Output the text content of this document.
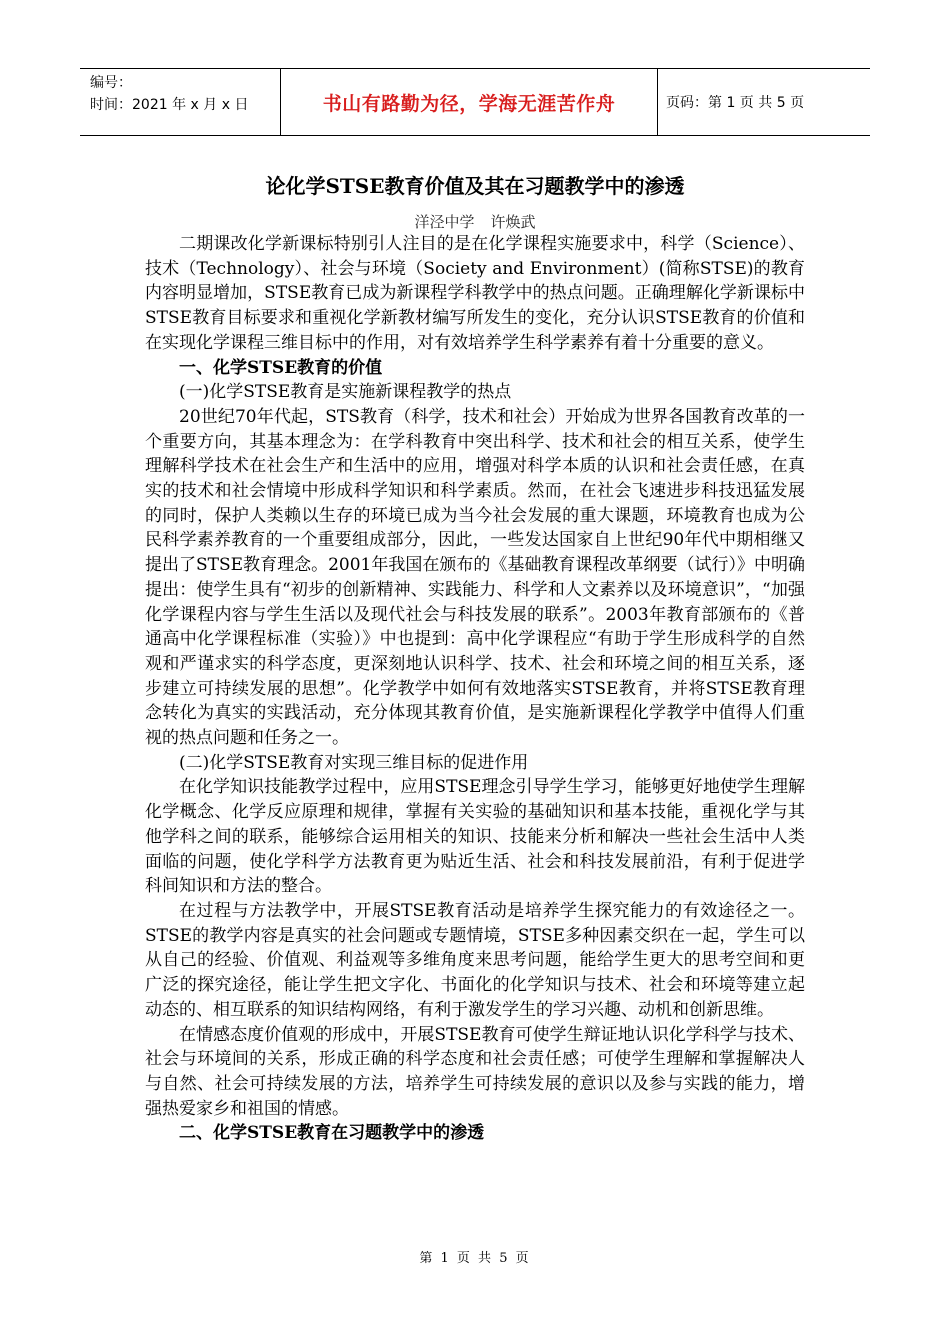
编号：
时间：2021 年 x 月 x 日	书山有路勤为径，学海无涯苦作舟	页码：第 1 页 共 5 页
论化学STSE教育价值及其在习题教学中的渗透
洋泾中学 许焕武

二期课改化学新课标特别引人注目的是在化学课程实施要求中，科学（Science）、技术（Technology）、社会与环境（Society and Environment）(简称STSE)的教育内容明显增加，STSE教育已成为新课程学科教学中的热点问题。正确理解化学新课标中STSE教育目标要求和重视化学新教材编写所发生的变化，充分认识STSE教育的价值和在实现化学课程三维目标中的作用，对有效培养学生科学素养有着十分重要的意义。

一、化学STSE教育的价值

(一)化学STSE教育是实施新课程教学的热点

20世纪70年代起，STS教育（科学，技术和社会）开始成为世界各国教育改革的一个重要方向，其基本理念为：在学科教育中突出科学、技术和社会的相互关系，使学生理解科学技术在社会生产和生活中的应用，增强对科学本质的认识和社会责任感，在真实的技术和社会情境中形成科学知识和科学素质。然而，在社会飞速进步科技迅猛发展的同时，保护人类赖以生存的环境已成为当今社会发展的重大课题，环境教育也成为公民科学素养教育的一个重要组成部分，因此，一些发达国家自上世纪90年代中期相继又提出了STSE教育理念。2001年我国在颁布的《基础教育课程改革纲要（试行）》中明确提出：使学生具有“初步的创新精神、实践能力、科学和人文素养以及环境意识”，“加强化学课程内容与学生生活以及现代社会与科技发展的联系”。2003年教育部颁布的《普通高中化学课程标准（实验）》中也提到：高中化学课程应“有助于学生形成科学的自然观和严谨求实的科学态度，更深刻地认识科学、技术、社会和环境之间的相互关系，逐步建立可持续发展的思想”。化学教学中如何有效地落实STSE教育，并将STSE教育理念转化为真实的实践活动，充分体现其教育价值，是实施新课程化学教学中值得人们重视的热点问题和任务之一。

(二)化学STSE教育对实现三维目标的促进作用

在化学知识技能教学过程中，应用STSE理念引导学生学习，能够更好地使学生理解化学概念、化学反应原理和规律，掌握有关实验的基础知识和基本技能，重视化学与其他学科之间的联系，能够综合运用相关的知识、技能来分析和解决一些社会生活中人类面临的问题，使化学科学方法教育更为贴近生活、社会和科技发展前沿，有利于促进学科间知识和方法的整合。

在过程与方法教学中，开展STSE教育活动是培养学生探究能力的有效途径之一。STSE的教学内容是真实的社会问题或专题情境，STSE多种因素交织在一起，学生可以从自己的经验、价值观、利益观等多维角度来思考问题，能给学生更大的思考空间和更广泛的探究途径，能让学生把文字化、书面化的化学知识与技术、社会和环境等建立起动态的、相互联系的知识结构网络，有利于激发学生的学习兴趣、动机和创新思维。

在情感态度价值观的形成中，开展STSE教育可使学生辩证地认识化学科学与技术、社会与环境间的关系，形成正确的科学态度和社会责任感；可使学生理解和掌握解决人与自然、社会可持续发展的方法，培养学生可持续发展的意识以及参与实践的能力，增强热爱家乡和祖国的情感。

二、化学STSE教育在习题教学中的渗透

第 1 页 共 5 页
